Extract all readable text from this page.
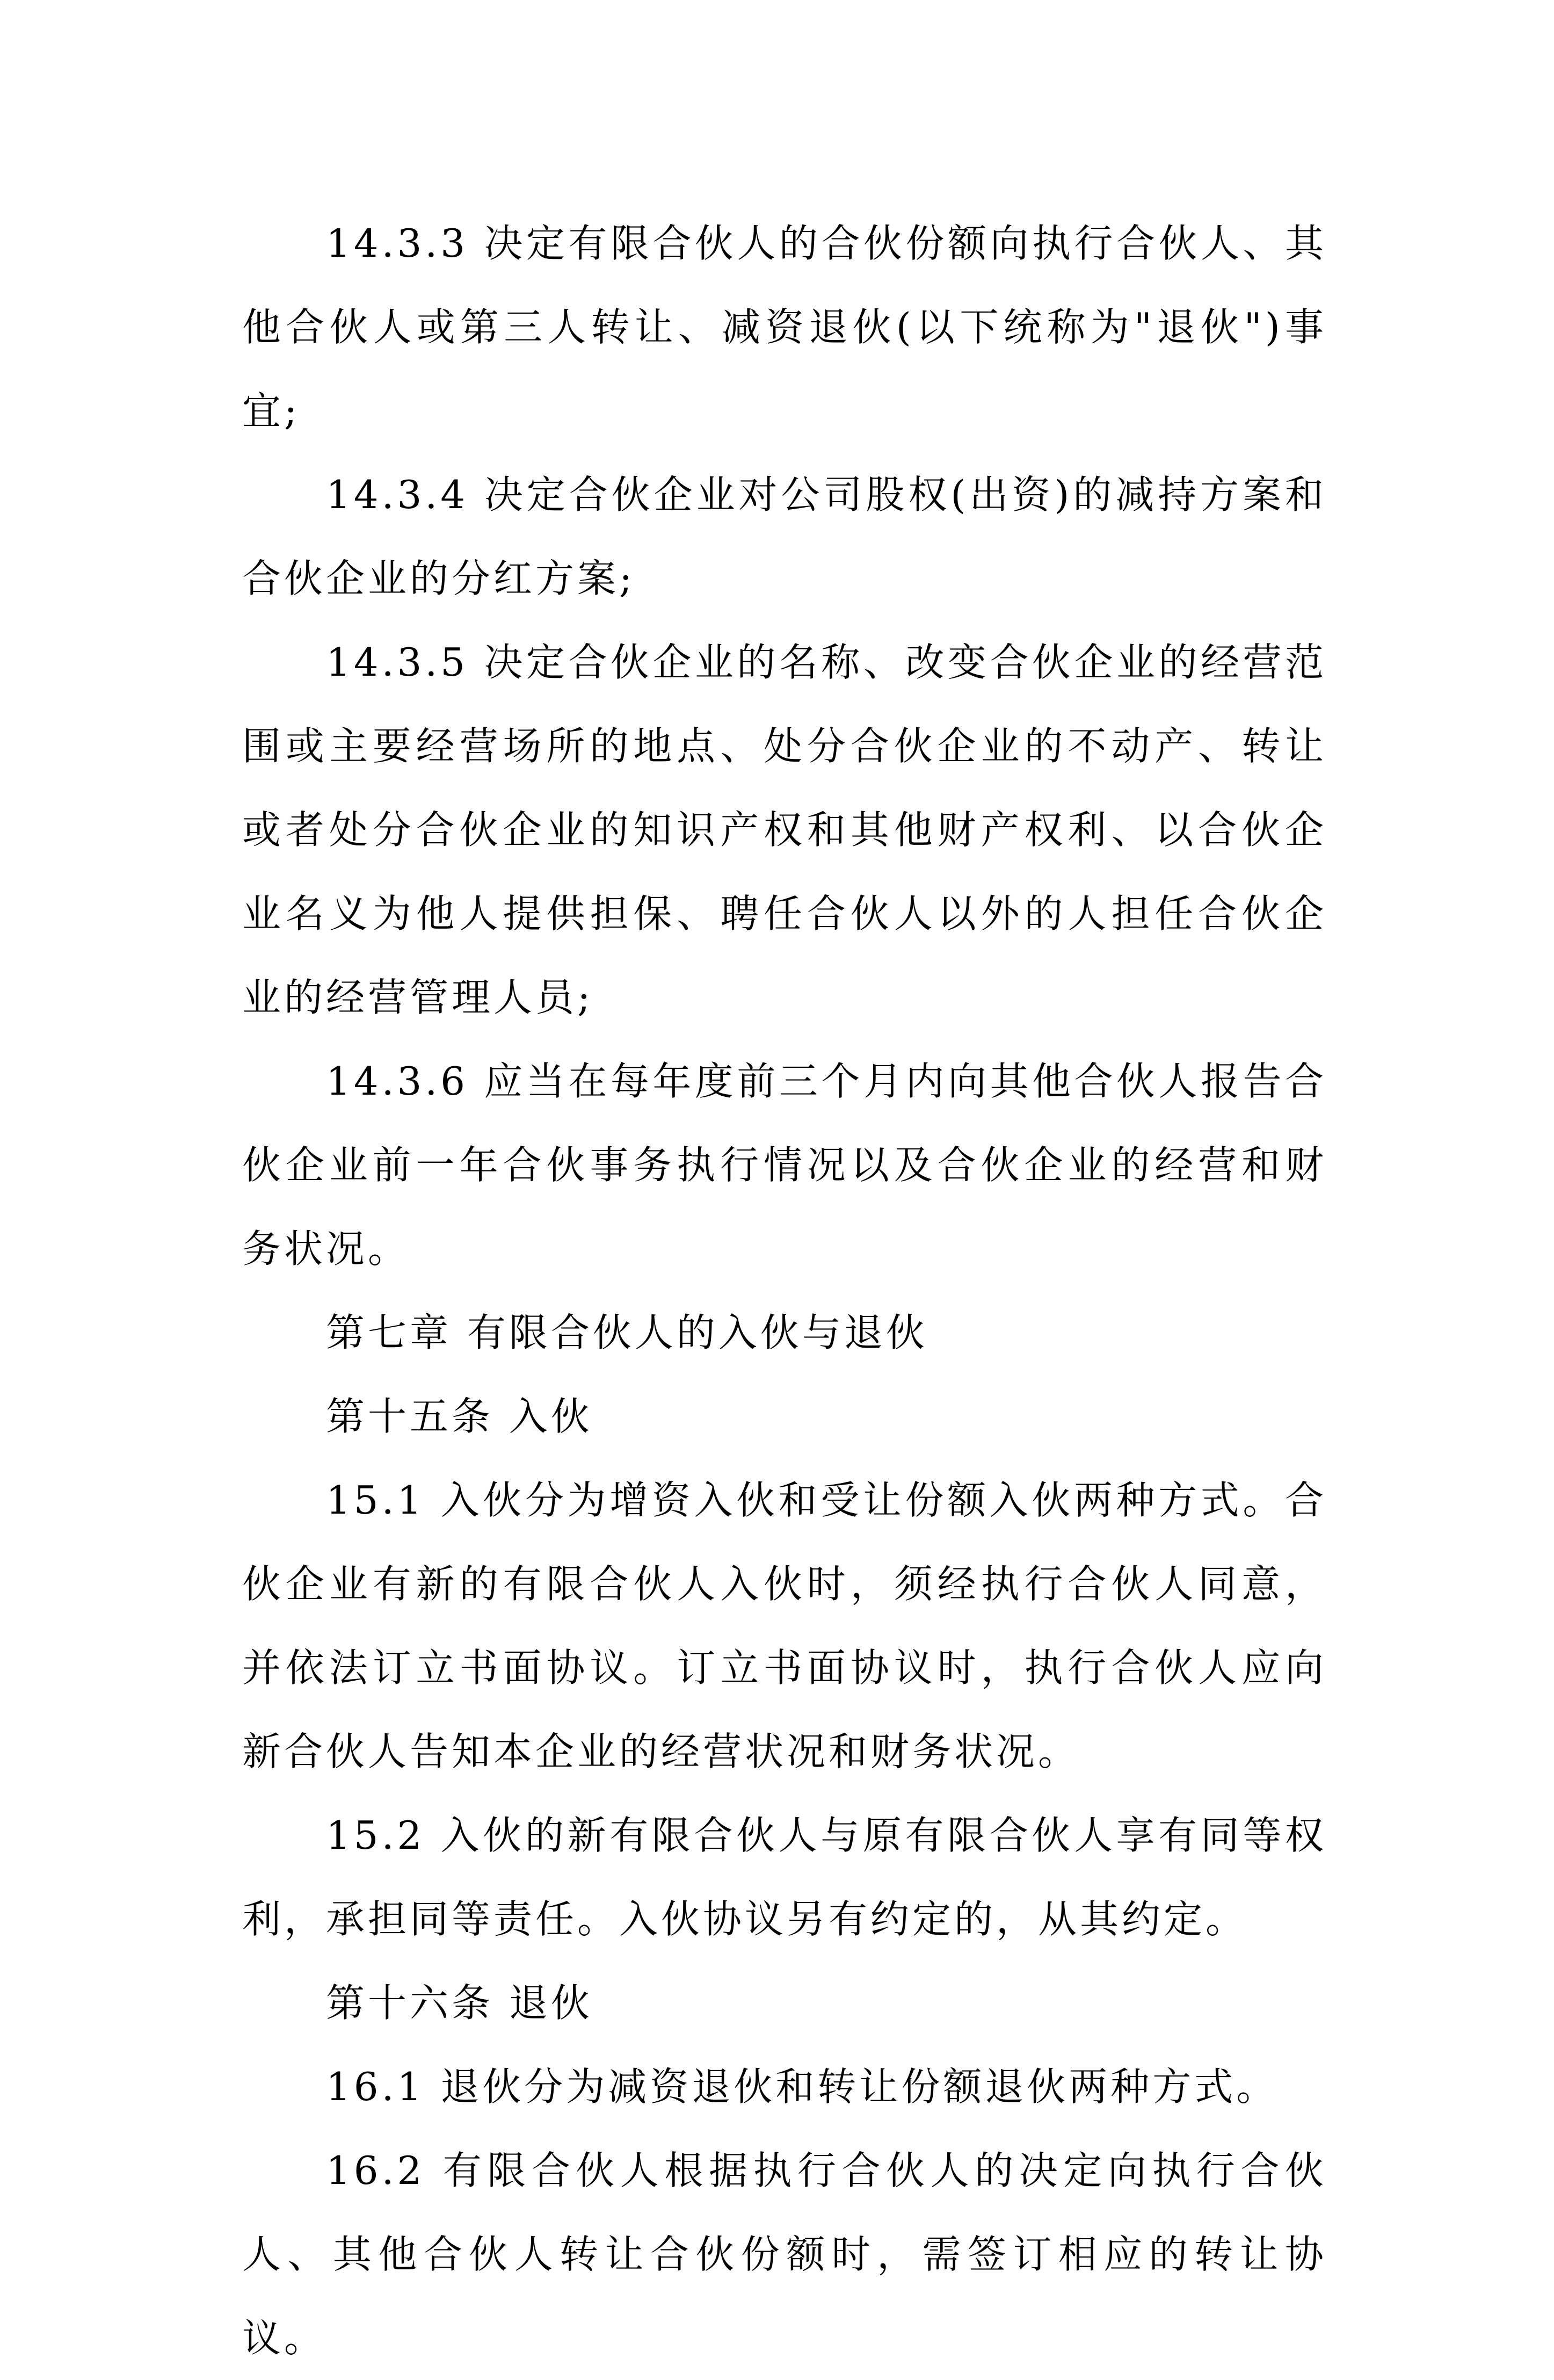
14.3.3 决定有限合伙人的合伙份额向执行合伙人、其他合伙人或第三人转让、减资退伙(以下统称为"退伙")事宜;

14.3.4 决定合伙企业对公司股权(出资)的减持方案和合伙企业的分红方案;

14.3.5 决定合伙企业的名称、改变合伙企业的经营范围或主要经营场所的地点、处分合伙企业的不动产、转让或者处分合伙企业的知识产权和其他财产权利、以合伙企业名义为他人提供担保、聘任合伙人以外的人担任合伙企业的经营管理人员;

14.3.6 应当在每年度前三个月内向其他合伙人报告合伙企业前一年合伙事务执行情况以及合伙企业的经营和财务状况。

第七章 有限合伙人的入伙与退伙

第十五条 入伙

15.1 入伙分为增资入伙和受让份额入伙两种方式。合伙企业有新的有限合伙人入伙时，须经执行合伙人同意，并依法订立书面协议。订立书面协议时，执行合伙人应向新合伙人告知本企业的经营状况和财务状况。

15.2 入伙的新有限合伙人与原有限合伙人享有同等权利，承担同等责任。入伙协议另有约定的，从其约定。

第十六条 退伙

16.1 退伙分为减资退伙和转让份额退伙两种方式。

16.2 有限合伙人根据执行合伙人的决定向执行合伙人、其他合伙人转让合伙份额时，需签订相应的转让协议。
